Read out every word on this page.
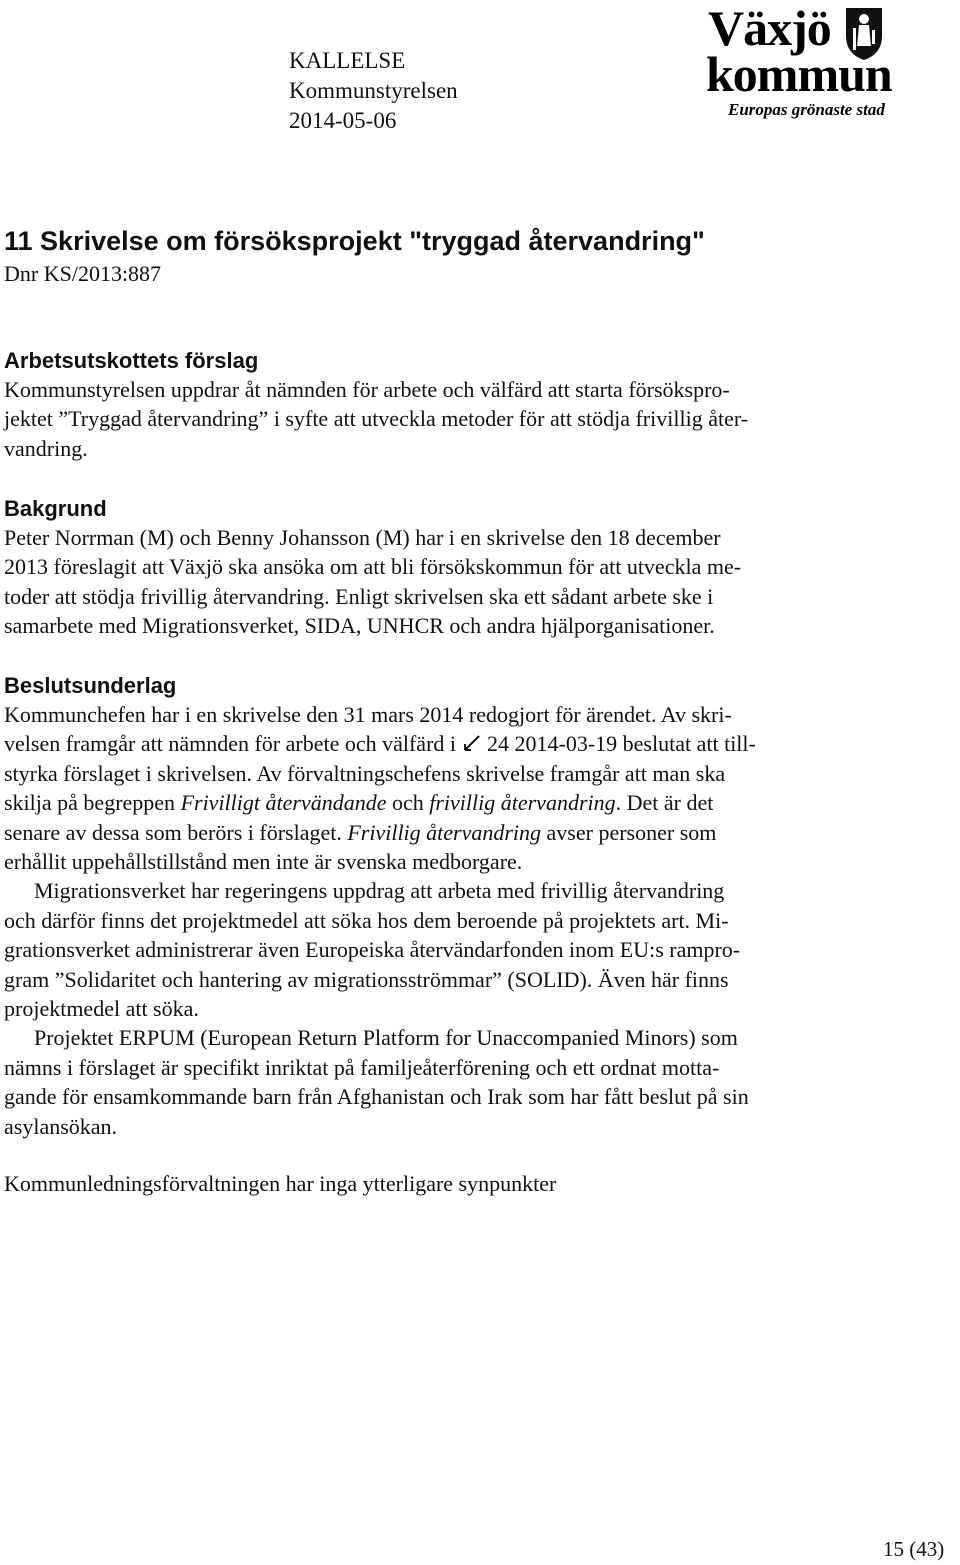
KALLELSE
Kommunstyrelsen
2014-05-06
Växjö
kommun
Europas grönaste stad
11 Skrivelse om försöksprojekt "tryggad återvandring"
Dnr KS/2013:887
Arbetsutskottets förslag
Kommunstyrelsen uppdrar åt nämnden för arbete och välfärd att starta försökspro-
jektet ”Tryggad återvandring” i syfte att utveckla metoder för att stödja frivillig åter-
vandring.
Bakgrund
Peter Norrman (M) och Benny Johansson (M) har i en skrivelse den 18 december
2013 föreslagit att Växjö ska ansöka om att bli försökskommun för att utveckla me-
toder att stödja frivillig återvandring. Enligt skrivelsen ska ett sådant arbete ske i
samarbete med Migrationsverket, SIDA, UNHCR och andra hjälporganisationer.
Beslutsunderlag
Kommunchefen har i en skrivelse den 31 mars 2014 redogjort för ärendet. Av skri-
velsen framgår att nämnden för arbete och välfärd i  24 2014-03-19 beslutat att till-
styrka förslaget i skrivelsen. Av förvaltningschefens skrivelse framgår att man ska
skilja på begreppen Frivilligt återvändande och frivillig återvandring. Det är det
senare av dessa som berörs i förslaget. Frivillig återvandring avser personer som
erhållit uppehållstillstånd men inte är svenska medborgare.
Migrationsverket har regeringens uppdrag att arbeta med frivillig återvandring
och därför finns det projektmedel att söka hos dem beroende på projektets art. Mi-
grationsverket administrerar även Europeiska återvändarfonden inom EU:s rampro-
gram ”Solidaritet och hantering av migrationsströmmar” (SOLID). Även här finns
projektmedel att söka.
Projektet ERPUM (European Return Platform for Unaccompanied Minors) som
nämns i förslaget är specifikt inriktat på familjeåterförening och ett ordnat motta-
gande för ensamkommande barn från Afghanistan och Irak som har fått beslut på sin
asylansökan.
Kommunledningsförvaltningen har inga ytterligare synpunkter
15 (43)
